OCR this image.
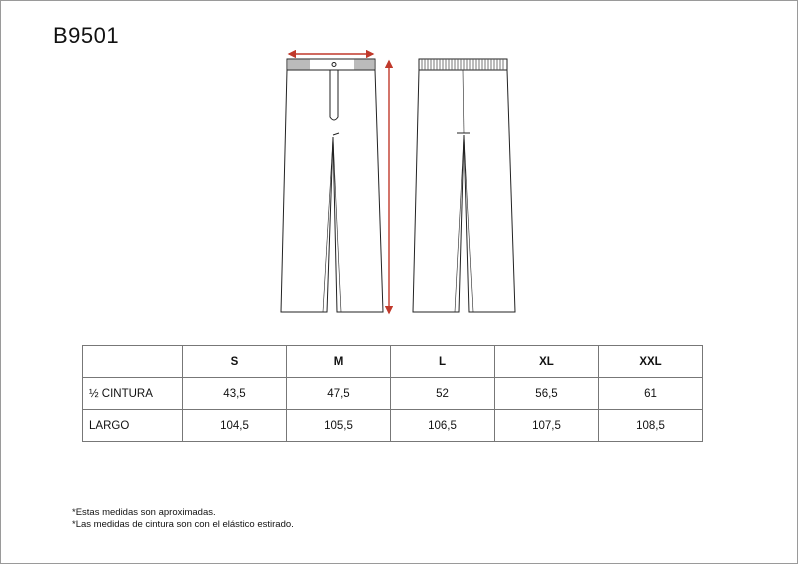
B9501
	S	M	L	XL	XXL
½ CINTURA	43,5	47,5	52	56,5	61
LARGO	104,5	105,5	106,5	107,5	108,5
*Estas medidas son aproximadas.
*Las medidas de cintura son con el elástico estirado.
